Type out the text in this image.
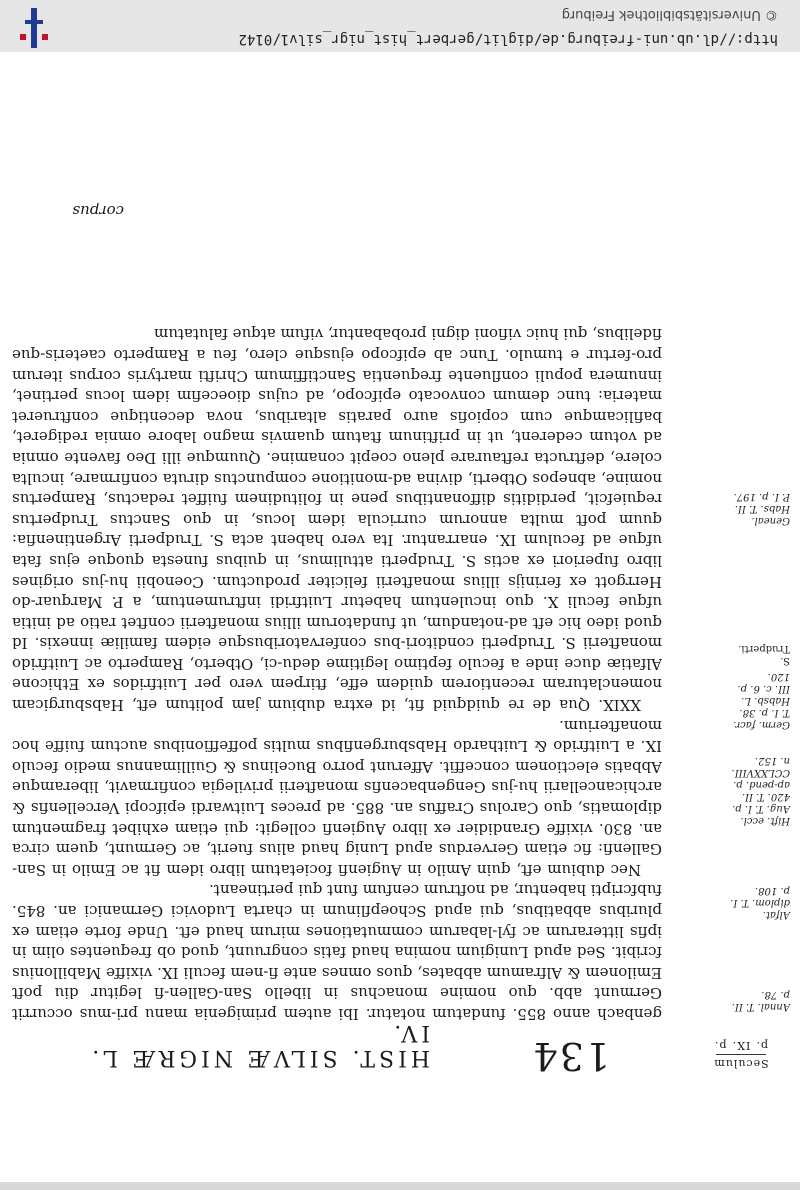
Seculum
p.
IX.
p.
134
HIST. SILVÆ NIGRÆ L. IV.
Annal. T. II. p. 78.
Alfat. diplom. T. I. p. 108.
Hift. eccl. Aug. T. I. p. 420. T. II. ap-pend. p. CCLXXVIII. n. 152.
Germ. facr. T. I. p. 38. Habsb. L. III. c. 6. p. 120.
S. Trudperti.
Geneal. Habs. T. II. P. I. p. 197.

genbach anno 855. fundatum notatur. Ibi autem primigenia manu pri-mus occurrit Germunt abb. quo nomine monachus in libello San-Gallen-fi legitur diu poft Emilonem & Alframum abbates, quos omnes ante fi-nem feculi IX. vixiffe Mabillonius fcribit. Sed apud Lunigium nomina haud fatis congruunt, quod ob frequentes olim in ipfis litterarum ac fyl-labarum commutationes mirum haud eft. Unde forte etiam ex pluribus abbatibus, qui apud Schoepflinum in charta Ludovici Germanici an. 845. fubfcripti habentur, ad noftrum cenfum funt qui pertineant.

Nec dubium eft, quin Amilo in Augienfi focietatum libro idem fit ac Emilo in San-Gallenfi: fic etiam Gerverdus apud Lunig haud alius fuerit, ac Germunt, quem circa an. 830. vixiffe Grandidier ex libro Augienfi collegit: qui etiam exhibet fragmentum diplomatis, quo Carolus Craffus an. 885. ad preces Luitwardi epifcopi Vercellenfis & archicancellarii hu-jus Gengenbacenfis monafterii privilegia confirmavit, liberamque Abbatis electionem conceffit. Afferunt porro Bucelinus & Guillimannus medio feculo IX. a Luitfrido & Luithardo Habsburgenfibus multis poffeffionibus auctum fuiffe hoc monafterium.

XXIX. Qua de re quidquid fit, id extra dubium jam politum eft, Habsburgicam nomenclaturam recentiorem quidem effe, ftirpem vero per Luitfridos ex Ethicone Alfatiæ duce inde a feculo feptimo legitime dedu-ci, Otberto, Ramperto ac Luitfrido monafterii S. Trudperti conditori-bus confervatoribusque eidem familiæ innexis. Id quod ideo hic eft ad-notandum, ut fundatorum illius monafterii conftet ratio ad initia ufque feculi X. quo inculentum habetur Luitfridi inftrumentum, a P. Marquar-do Herrgott ex ferinijs illius monafterii feliciter productum. Coenobii hu-jus origines libro fuperiori ex actis S. Trudperti attulimus, in quibus funesta quoque ejus fata ufque ad feculum IX. enarrantur. Ita vero habent acta S. Trudperti Argentinenfia: quum poft multa annorum curricula idem locus, in quo Sanctus Trudpertus requiefcit, perdiditis diffonantibus pene in folitudinem fuiffet redactus, Rampertus nomine, abnepos Otberti, divina ad-monitione compunctus diruta confirmare, inculta colere, deftructa reftaurare pleno coepit conamine. Quumque illi Deo favente omnia ad votum cederent, ut in priftinum ftatum quamvis magno labore omnia redigeret, bafilicamque cum copiofis auro paratis altaribus, nova decentique conftrueret materia: tunc demum convocato epifcopo, ad cujus dioecefim idem locus pertinet, innumera populi confluente frequentia Sanctiffimum Chrifti martyris corpus iterum pro-fertur e tumulo. Tunc ab epifcopo ejusque clero, feu a Ramperto caeteris-que fidelibus, qui huic vifioni digni probabantur, vifum atque falutatum

corpus
http://dl.ub.uni-freiburg.de/diglit/gerbert_hist_nigr_silv1/0142
© Universitätsbibliothek Freiburg
